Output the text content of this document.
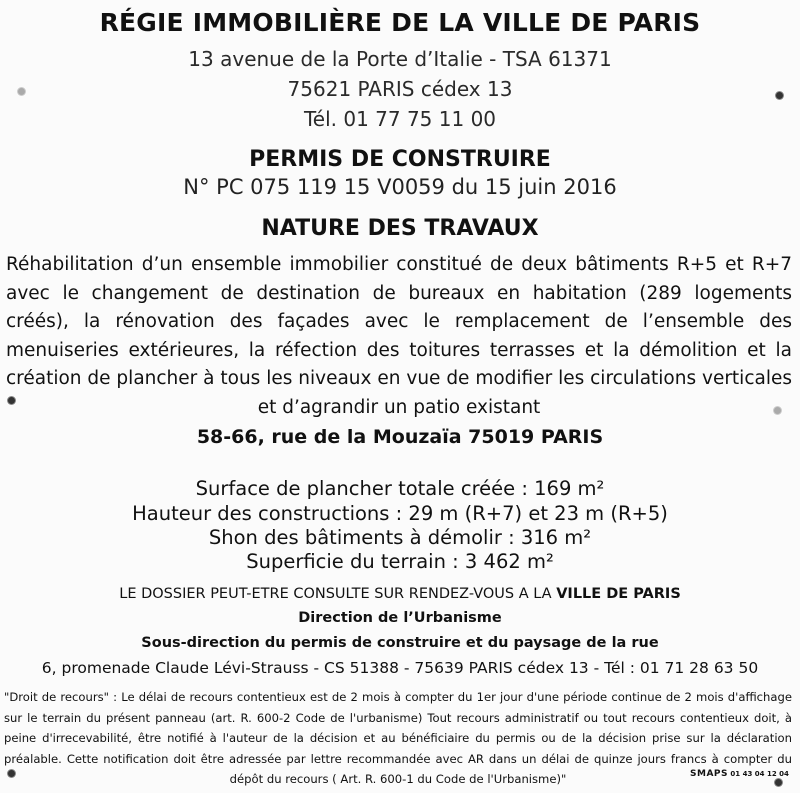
RÉGIE IMMOBILIÈRE DE LA VILLE DE PARIS
13 avenue de la Porte d’Italie - TSA 61371
75621 PARIS cédex 13
Tél. 01 77 75 11 00
PERMIS DE CONSTRUIRE
N° PC 075 119 15 V0059 du 15 juin 2016
NATURE DES TRAVAUX
Réhabilitation d’un ensemble immobilier constitué de deux bâtiments R+5 et R+7 avec le changement de destination de bureaux en habitation (289 logements créés), la rénovation des façades avec le remplacement de l’ensemble des menuiseries extérieures, la réfection des toitures terrasses et la démolition et la création de plancher à tous les niveaux en vue de modifier les circulations verticales et d’agrandir un patio existant
58-66, rue de la Mouzaïa 75019 PARIS
Surface de plancher totale créée : 169 m²
Hauteur des constructions : 29 m (R+7) et 23 m (R+5)
Shon des bâtiments à démolir : 316 m²
Superficie du terrain : 3 462 m²
LE DOSSIER PEUT-ETRE CONSULTE SUR RENDEZ-VOUS A LA VILLE DE PARIS
Direction de l’Urbanisme
Sous-direction du permis de construire et du paysage de la rue
6, promenade Claude Lévi-Strauss - CS 51388 - 75639 PARIS cédex 13 - Tél : 01 71 28 63 50
"Droit de recours" : Le délai de recours contentieux est de 2 mois à compter du 1er jour d'une période continue de 2 mois d'affichage sur le terrain du présent panneau (art. R. 600-2 Code de l'urbanisme) Tout recours administratif ou tout recours contentieux doit, à peine d'irrecevabilité, être notifié à l'auteur de la décision et au bénéficiaire du permis ou de la décision prise sur la déclaration préalable. Cette notification doit être adressée par lettre recommandée avec AR dans un délai de quinze jours francs à compter du dépôt du recours ( Art. R. 600-1 du Code de l'Urbanisme)"	SMAPS 01 43 04 12 04
